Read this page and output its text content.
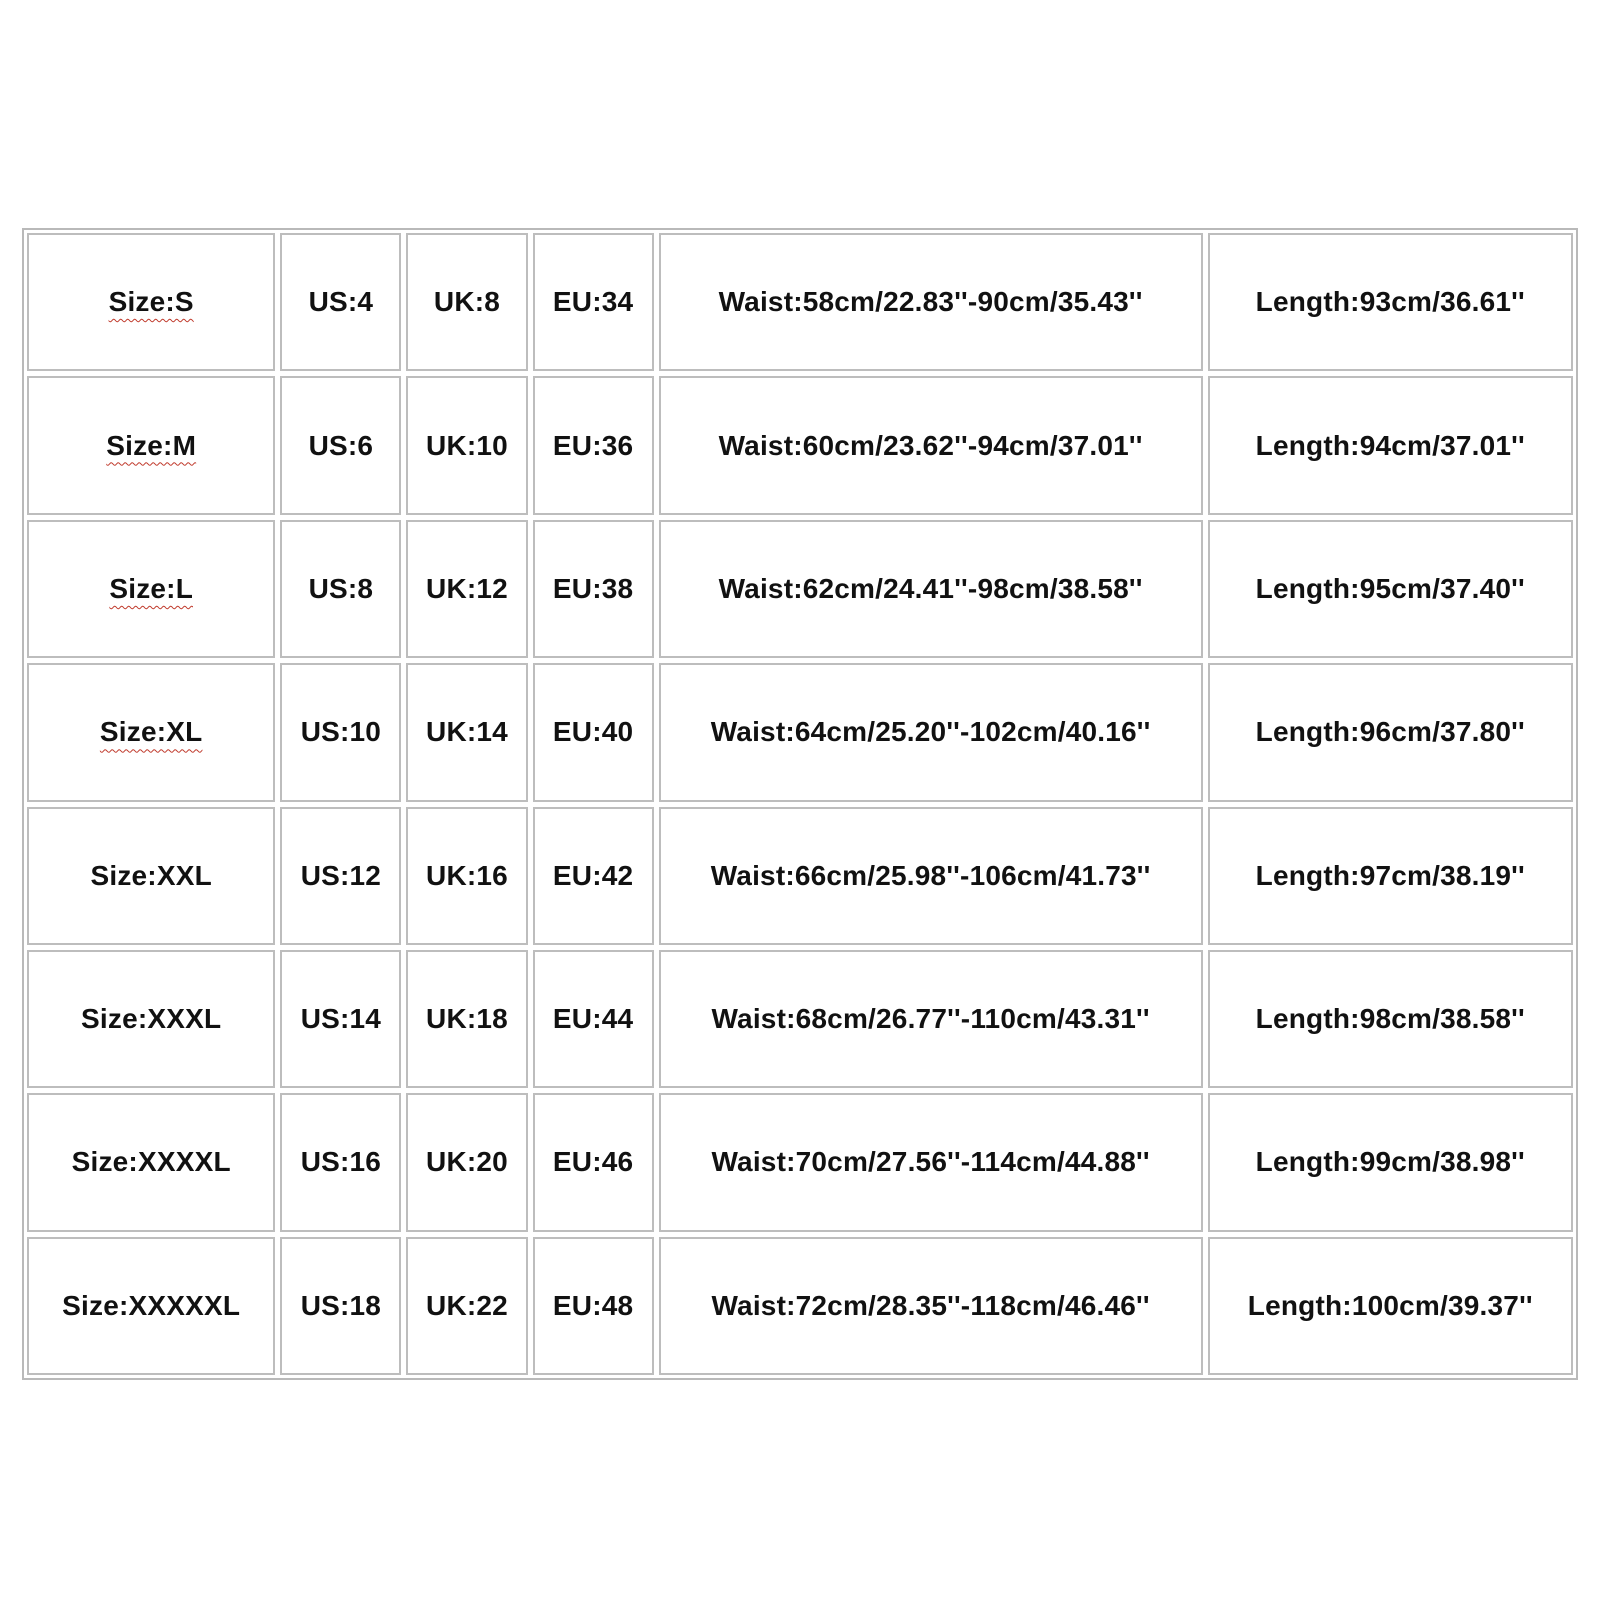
Size:S	US:4	UK:8	EU:34	Waist:58cm/22.83''-90cm/35.43''	Length:93cm/36.61''
Size:M	US:6	UK:10	EU:36	Waist:60cm/23.62''-94cm/37.01''	Length:94cm/37.01''
Size:L	US:8	UK:12	EU:38	Waist:62cm/24.41''-98cm/38.58''	Length:95cm/37.40''
Size:XL	US:10	UK:14	EU:40	Waist:64cm/25.20''-102cm/40.16''	Length:96cm/37.80''
Size:XXL	US:12	UK:16	EU:42	Waist:66cm/25.98''-106cm/41.73''	Length:97cm/38.19''
Size:XXXL	US:14	UK:18	EU:44	Waist:68cm/26.77''-110cm/43.31''	Length:98cm/38.58''
Size:XXXXL	US:16	UK:20	EU:46	Waist:70cm/27.56''-114cm/44.88''	Length:99cm/38.98''
Size:XXXXXL	US:18	UK:22	EU:48	Waist:72cm/28.35''-118cm/46.46''	Length:100cm/39.37''
